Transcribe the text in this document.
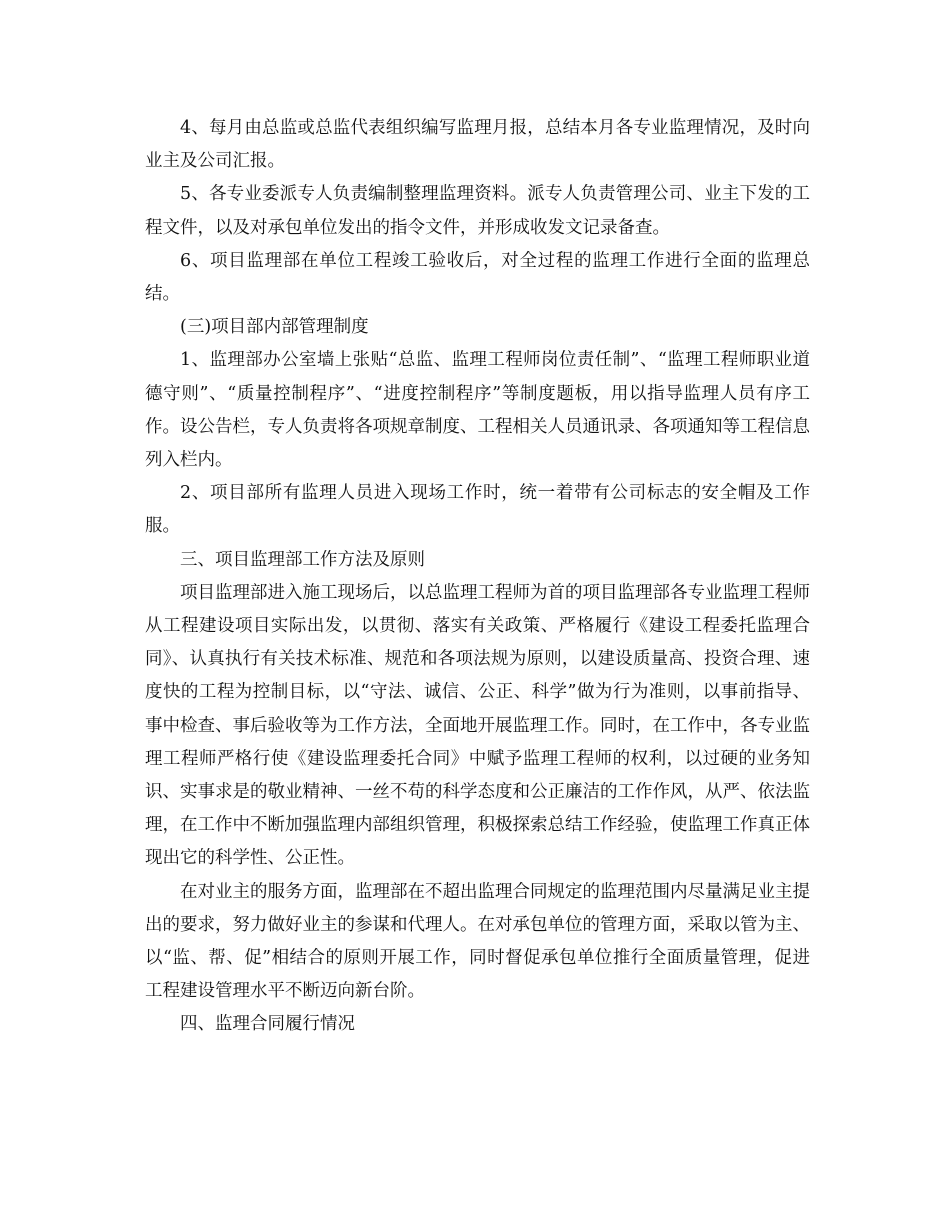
4、每月由总监或总监代表组织编写监理月报，总结本月各专业监理情况，及时向业主及公司汇报。

5、各专业委派专人负责编制整理监理资料。派专人负责管理公司、业主下发的工程文件，以及对承包单位发出的指令文件，并形成收发文记录备查。

6、项目监理部在单位工程竣工验收后，对全过程的监理工作进行全面的监理总结。

(三)项目部内部管理制度

1、监理部办公室墙上张贴“总监、监理工程师岗位责任制”、“监理工程师职业道德守则”、“质量控制程序”、“进度控制程序”等制度题板，用以指导监理人员有序工作。设公告栏，专人负责将各项规章制度、工程相关人员通讯录、各项通知等工程信息列入栏内。

2、项目部所有监理人员进入现场工作时，统一着带有公司标志的安全帽及工作服。

三、项目监理部工作方法及原则

项目监理部进入施工现场后，以总监理工程师为首的项目监理部各专业监理工程师从工程建设项目实际出发，以贯彻、落实有关政策、严格履行《建设工程委托监理合同》、认真执行有关技术标准、规范和各项法规为原则，以建设质量高、投资合理、速度快的工程为控制目标，以“守法、诚信、公正、科学”做为行为准则，以事前指导、事中检查、事后验收等为工作方法，全面地开展监理工作。同时，在工作中，各专业监理工程师严格行使《建设监理委托合同》中赋予监理工程师的权利，以过硬的业务知识、实事求是的敬业精神、一丝不苟的科学态度和公正廉洁的工作作风，从严、依法监理，在工作中不断加强监理内部组织管理，积极探索总结工作经验，使监理工作真正体现出它的科学性、公正性。

在对业主的服务方面，监理部在不超出监理合同规定的监理范围内尽量满足业主提出的要求，努力做好业主的参谋和代理人。在对承包单位的管理方面，采取以管为主、以“监、帮、促”相结合的原则开展工作，同时督促承包单位推行全面质量管理，促进工程建设管理水平不断迈向新台阶。

四、监理合同履行情况
